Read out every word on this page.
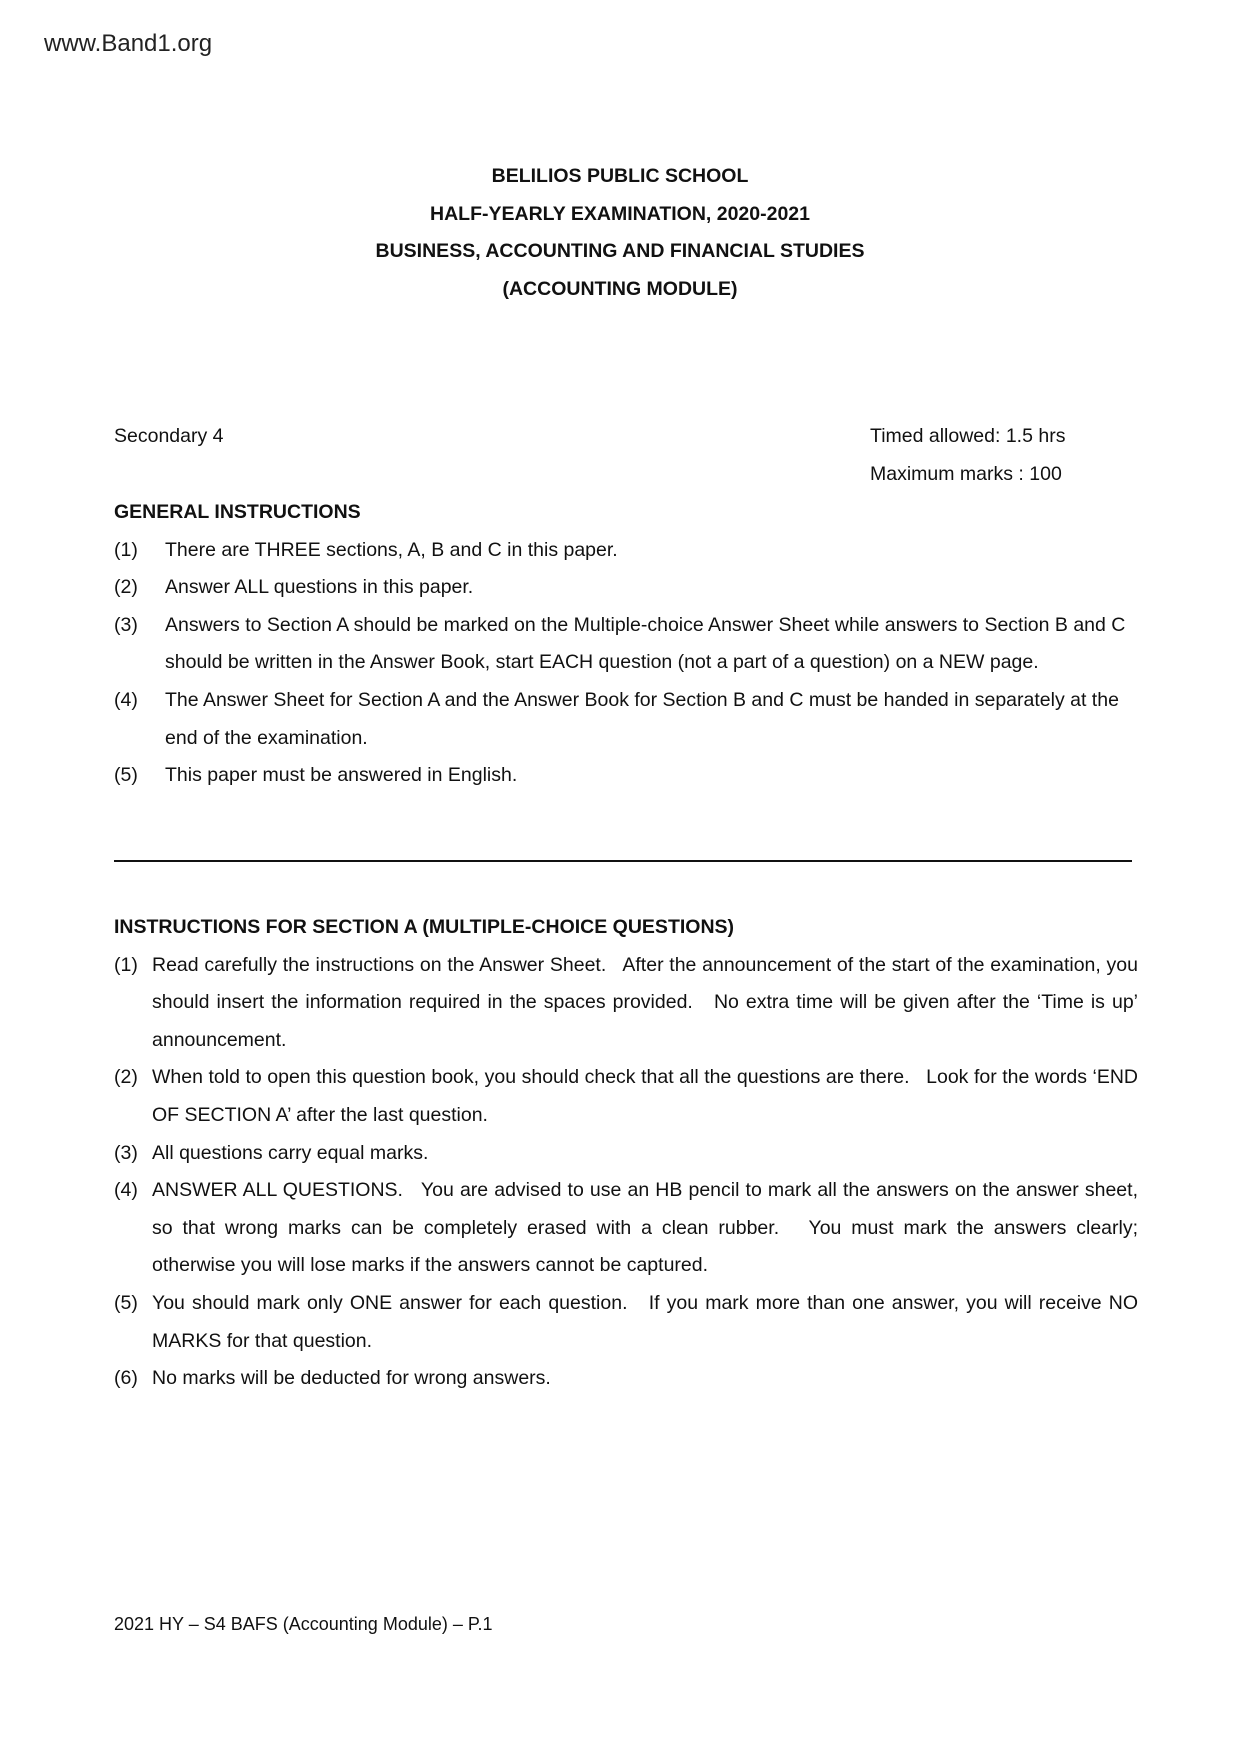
www.Band1.org
BELILIOS PUBLIC SCHOOL
HALF-YEARLY EXAMINATION, 2020-2021
BUSINESS, ACCOUNTING AND FINANCIAL STUDIES
(ACCOUNTING MODULE)
Secondary 4	Timed allowed: 1.5 hrs
Maximum marks : 100
GENERAL INSTRUCTIONS
(1)	There are THREE sections, A, B and C in this paper.
(2)	Answer ALL questions in this paper.
(3)	Answers to Section A should be marked on the Multiple-choice Answer Sheet while answers to Section B and C should be written in the Answer Book, start EACH question (not a part of a question) on a NEW page.
(4)	The Answer Sheet for Section A and the Answer Book for Section B and C must be handed in separately at the end of the examination.
(5)	This paper must be answered in English.
INSTRUCTIONS FOR SECTION A (MULTIPLE-CHOICE QUESTIONS)
(1) Read carefully the instructions on the Answer Sheet.   After the announcement of the start of the examination, you should insert the information required in the spaces provided.   No extra time will be given after the ‘Time is up’ announcement.
(2) When told to open this question book, you should check that all the questions are there.   Look for the words ‘END OF SECTION A’ after the last question.
(3) All questions carry equal marks.
(4) ANSWER ALL QUESTIONS.   You are advised to use an HB pencil to mark all the answers on the answer sheet, so that wrong marks can be completely erased with a clean rubber.   You must mark the answers clearly; otherwise you will lose marks if the answers cannot be captured.
(5) You should mark only ONE answer for each question.   If you mark more than one answer, you will receive NO MARKS for that question.
(6) No marks will be deducted for wrong answers.
2021 HY – S4 BAFS (Accounting Module) – P.1
